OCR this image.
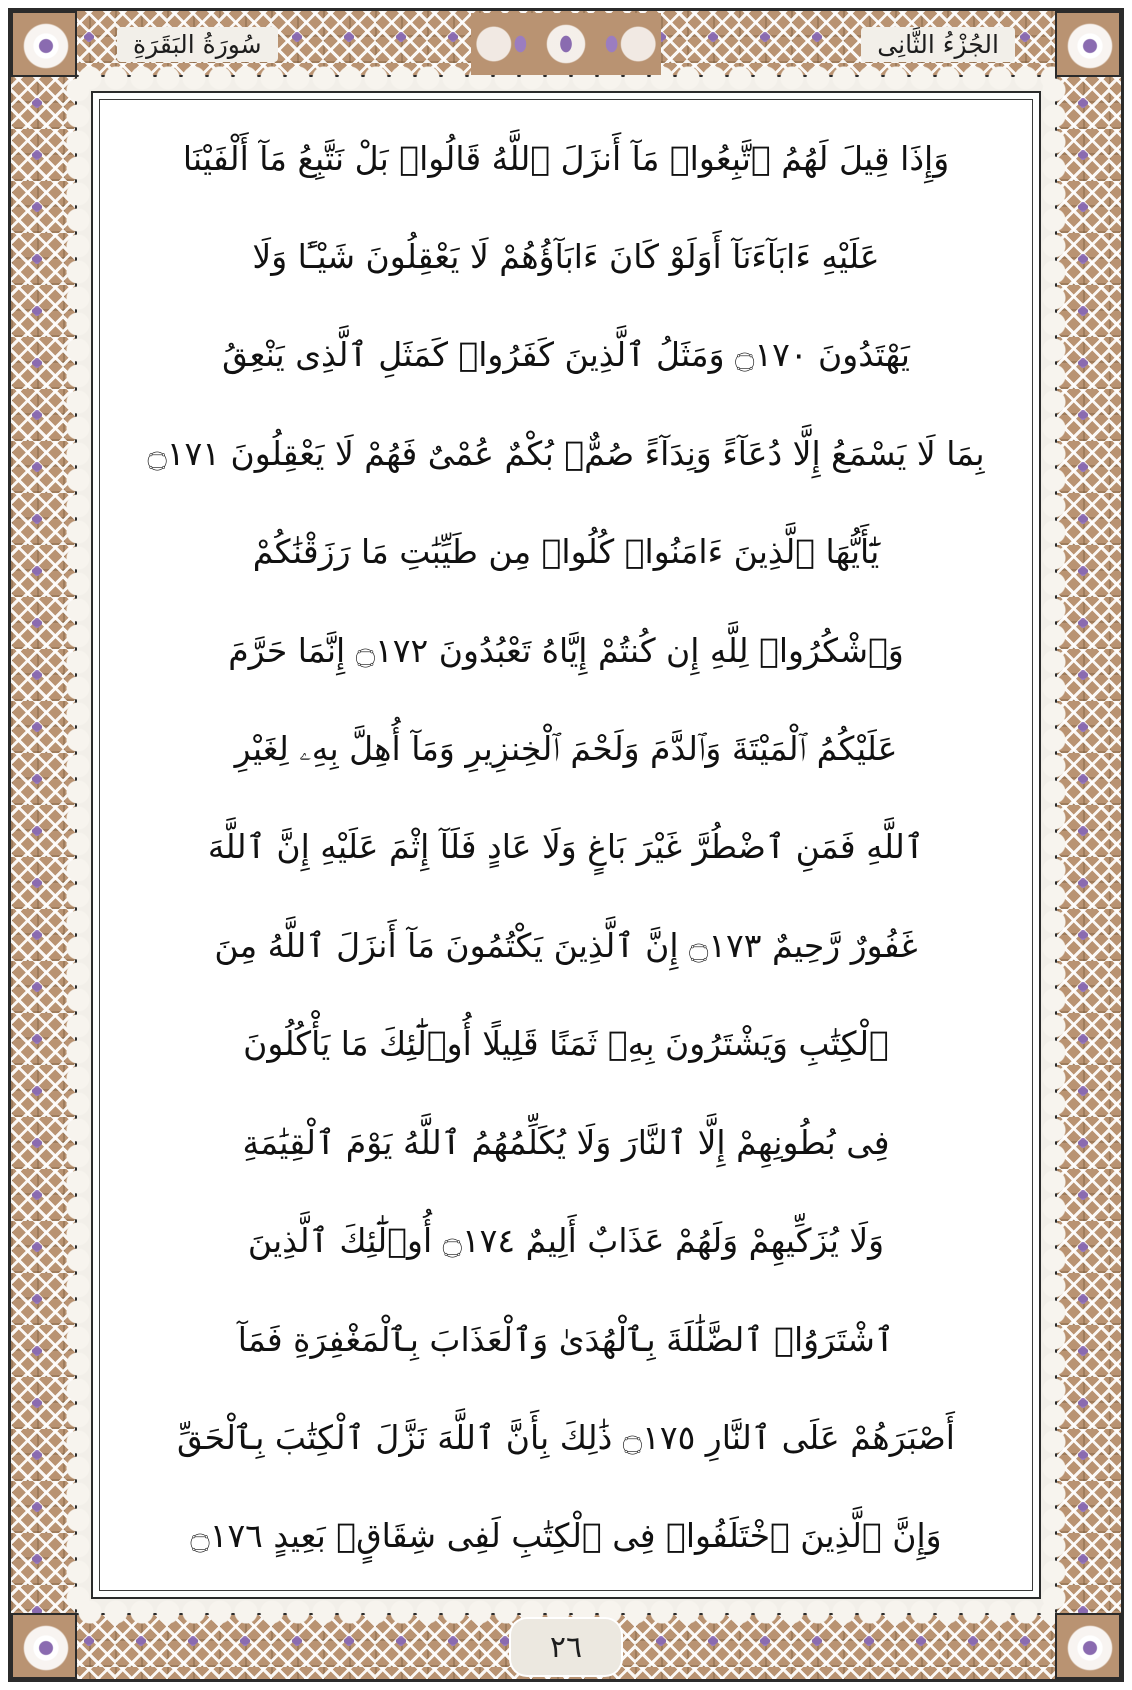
سُورَةُ البَقَرَةِ	الجُزْءُ الثَّانِى
وَإِذَا قِيلَ لَهُمُ ٱتَّبِعُوا۟ مَآ أَنزَلَ ٱللَّهُ قَالُوا۟ بَلْ نَتَّبِعُ مَآ أَلْفَيْنَا
عَلَيْهِ ءَابَآءَنَآ أَوَلَوْ كَانَ ءَابَآؤُهُمْ لَا يَعْقِلُونَ شَيْـًٔا وَلَا
يَهْتَدُونَ ۝١٧٠ وَمَثَلُ ٱلَّذِينَ كَفَرُوا۟ كَمَثَلِ ٱلَّذِى يَنْعِقُ
بِمَا لَا يَسْمَعُ إِلَّا دُعَآءً وَنِدَآءً صُمٌّۢ بُكْمٌ عُمْىٌ فَهُمْ لَا يَعْقِلُونَ ۝١٧١
يَٰٓأَيُّهَا ٱلَّذِينَ ءَامَنُوا۟ كُلُوا۟ مِن طَيِّبَٰتِ مَا رَزَقْنَٰكُمْ
وَٱشْكُرُوا۟ لِلَّهِ إِن كُنتُمْ إِيَّاهُ تَعْبُدُونَ ۝١٧٢ إِنَّمَا حَرَّمَ
عَلَيْكُمُ ٱلْمَيْتَةَ وَٱلدَّمَ وَلَحْمَ ٱلْخِنزِيرِ وَمَآ أُهِلَّ بِهِۦ لِغَيْرِ
ٱللَّهِ فَمَنِ ٱضْطُرَّ غَيْرَ بَاغٍ وَلَا عَادٍ فَلَآ إِثْمَ عَلَيْهِ إِنَّ ٱللَّهَ
غَفُورٌ رَّحِيمٌ ۝١٧٣ إِنَّ ٱلَّذِينَ يَكْتُمُونَ مَآ أَنزَلَ ٱللَّهُ مِنَ
ٱلْكِتَٰبِ وَيَشْتَرُونَ بِهِۦ ثَمَنًا قَلِيلًا أُو۟لَٰٓئِكَ مَا يَأْكُلُونَ
فِى بُطُونِهِمْ إِلَّا ٱلنَّارَ وَلَا يُكَلِّمُهُمُ ٱللَّهُ يَوْمَ ٱلْقِيَٰمَةِ
وَلَا يُزَكِّيهِمْ وَلَهُمْ عَذَابٌ أَلِيمٌ ۝١٧٤ أُو۟لَٰٓئِكَ ٱلَّذِينَ
ٱشْتَرَوُا۟ ٱلضَّلَٰلَةَ بِٱلْهُدَىٰ وَٱلْعَذَابَ بِٱلْمَغْفِرَةِ فَمَآ
أَصْبَرَهُمْ عَلَى ٱلنَّارِ ۝١٧٥ ذَٰلِكَ بِأَنَّ ٱللَّهَ نَزَّلَ ٱلْكِتَٰبَ بِٱلْحَقِّ
وَإِنَّ ٱلَّذِينَ ٱخْتَلَفُوا۟ فِى ٱلْكِتَٰبِ لَفِى شِقَاقٍۭ بَعِيدٍ ۝١٧٦
٢٦
